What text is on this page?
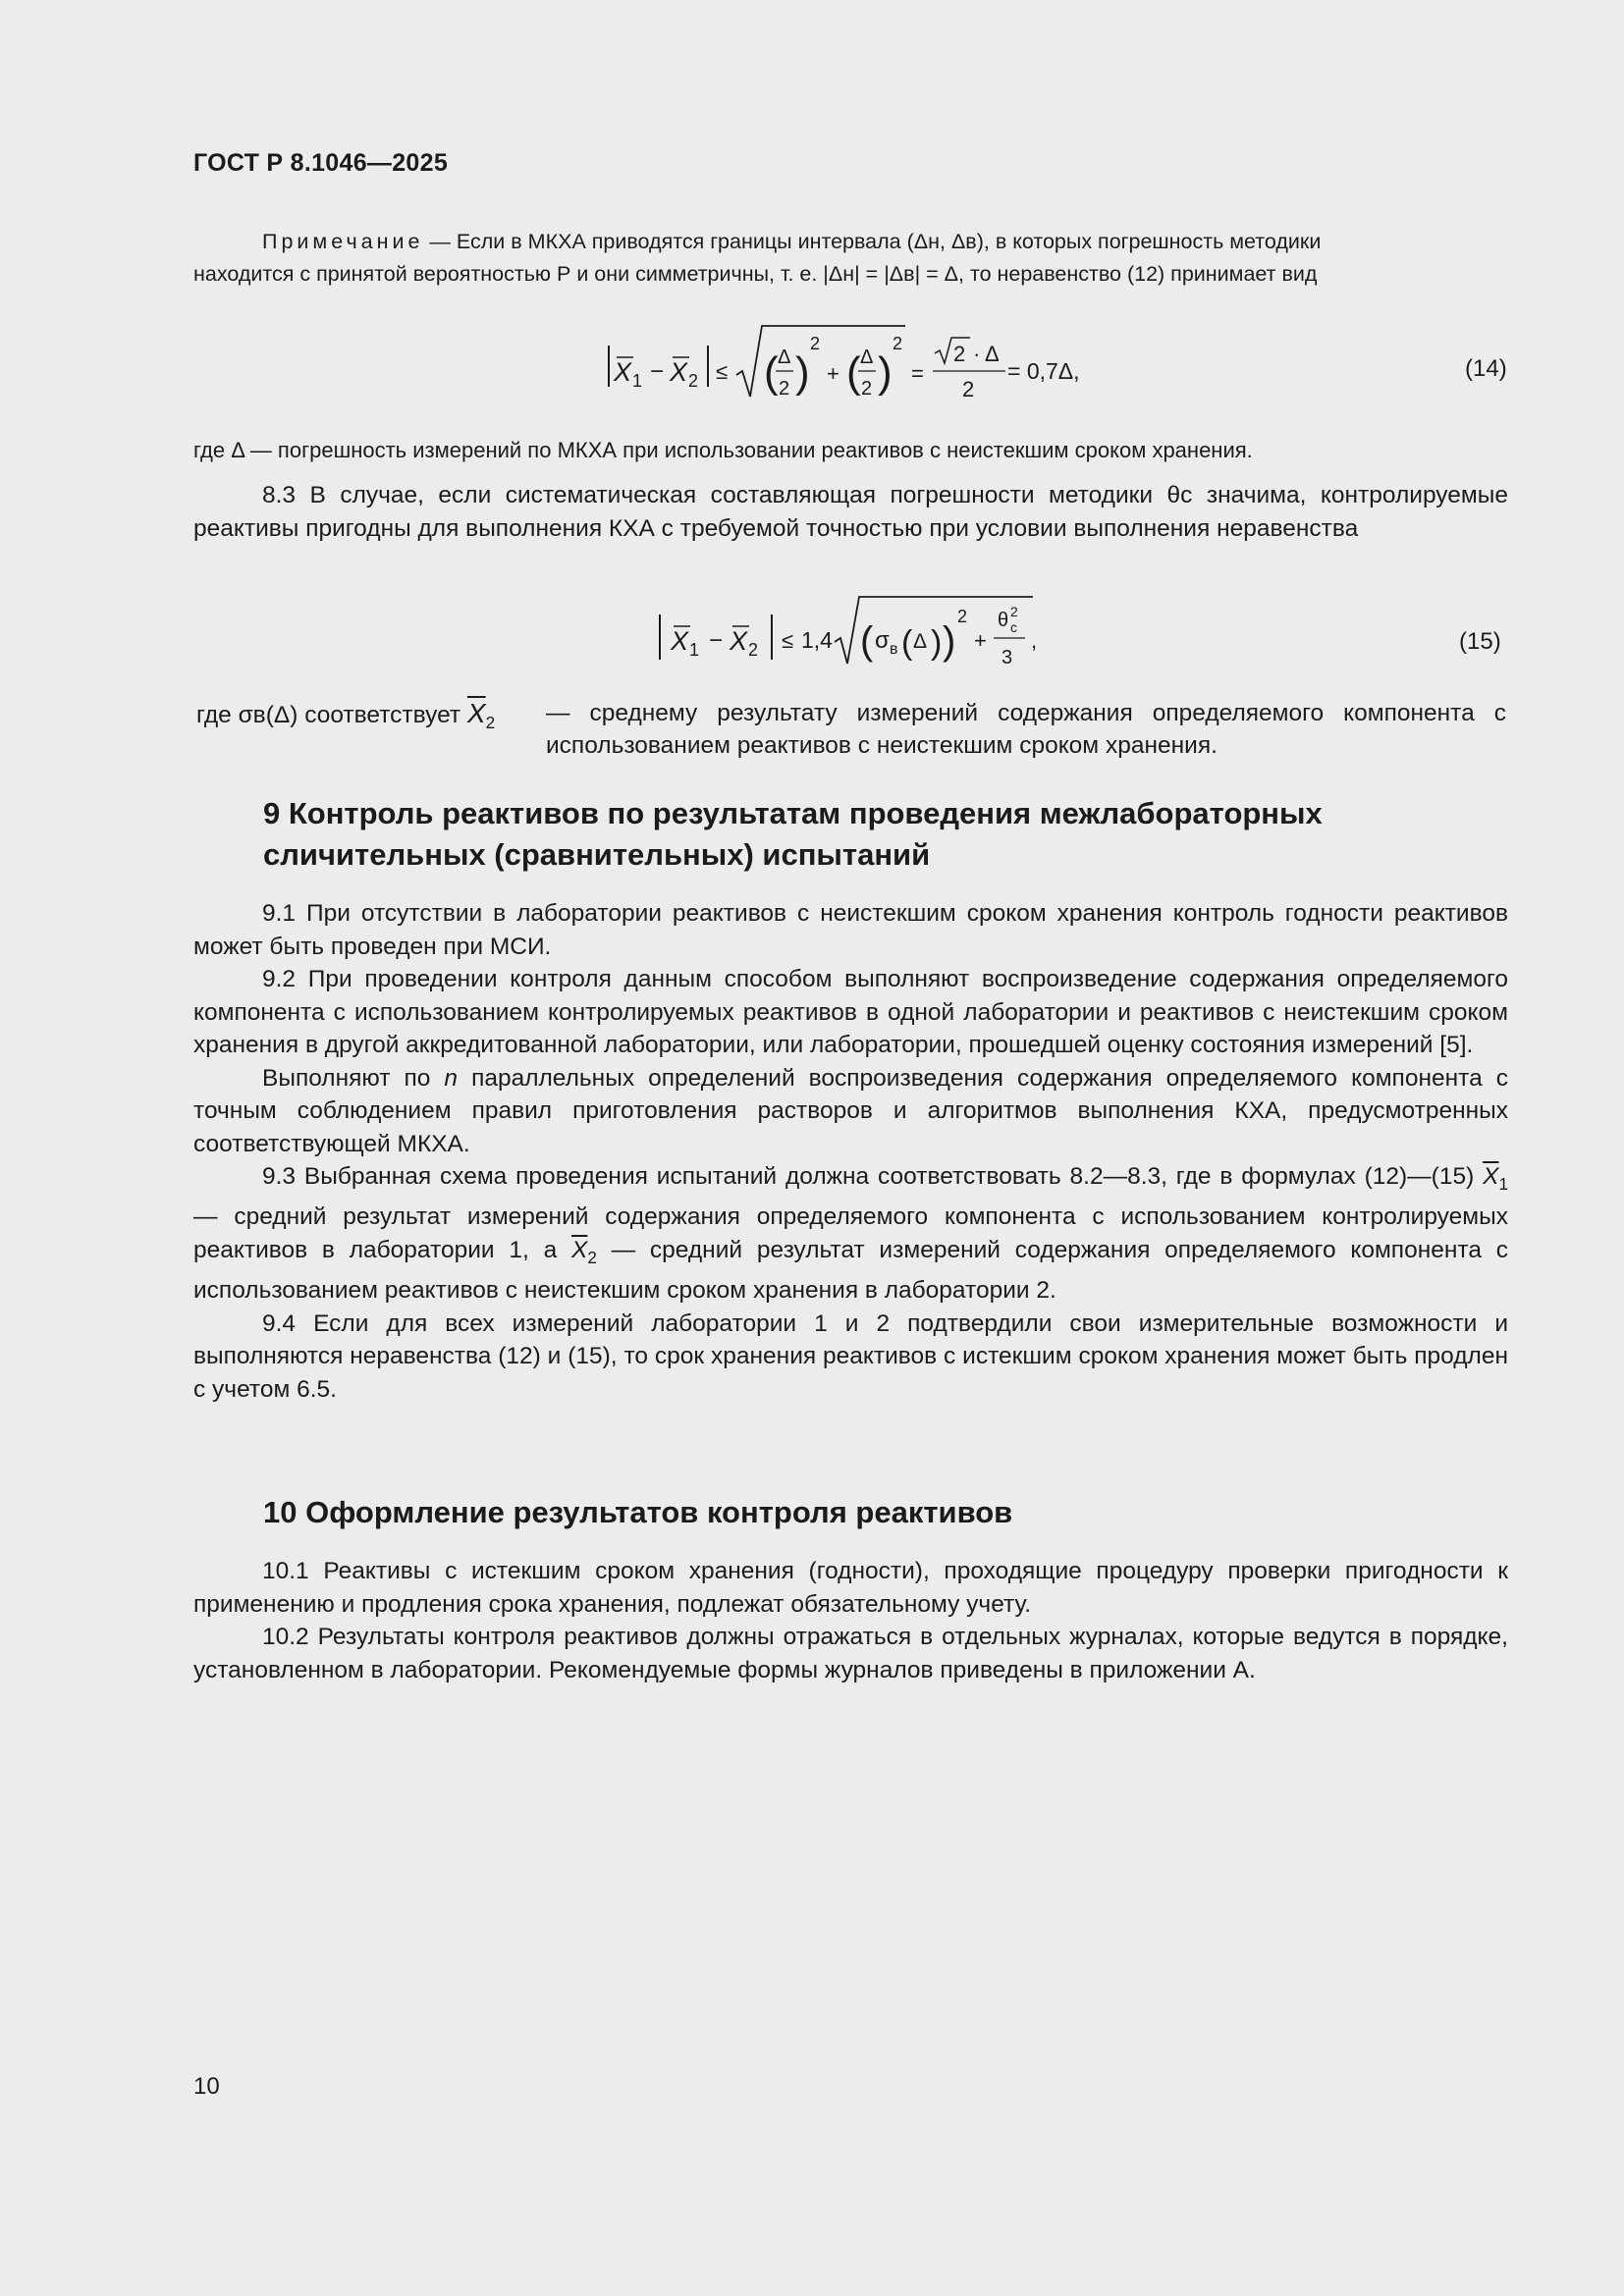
ГОСТ Р 8.1046—2025

Примечание — Если в МКХА приводятся границы интервала (Δн, Δв), в которых погрешность методики

находится с принятой вероятностью Р и они симметричны, т. е. |Δн| = |Δв| = Δ, то неравенство (12) принимает вид

X 1 − X 2 ≤ ( Δ
2 )
2
+ ( Δ
2 )
2
=
2 · Δ
2
= 0,7Δ,	(14)
где Δ — погрешность измерений по МКХА при использовании реактивов с неистекшим сроком хранения.

8.3 В случае, если систематическая составляющая погрешности методики θс значима, контролируемые реактивы пригодны для выполнения КХА с требуемой точностью при условии выполнения неравенства

X 1 − X 2 ≤ 1,4 ( σ в ( Δ ) )
2
+
θ с
2
3
,	(15)
где σв(Δ) соответствует $\overline{X}_2$ — среднему результату измерений содержания определяемого компонента с использованием реактивов с неистекшим сроком хранения.
9 Контроль реактивов по результатам проведения межлабораторных сличительных (сравнительных) испытаний

9.1 При отсутствии в лаборатории реактивов с неистекшим сроком хранения контроль годности реактивов может быть проведен при МСИ.

9.2 При проведении контроля данным способом выполняют воспроизведение содержания определяемого компонента с использованием контролируемых реактивов в одной лаборатории и реактивов с неистекшим сроком хранения в другой аккредитованной лаборатории, или лаборатории, прошедшей оценку состояния измерений [5].

Выполняют по n параллельных определений воспроизведения содержания определяемого компонента с точным соблюдением правил приготовления растворов и алгоритмов выполнения КХА, предусмотренных соответствующей МКХА.

9.3 Выбранная схема проведения испытаний должна соответствовать 8.2—8.3, где в формулах (12)—(15) $\overline{X}_1$ — средний результат измерений содержания определяемого компонента с использованием контролируемых реактивов в лаборатории 1, а $\overline{X}_2$ — средний результат измерений содержания определяемого компонента с использованием реактивов с неистекшим сроком хранения в лаборатории 2.

9.4 Если для всех измерений лаборатории 1 и 2 подтвердили свои измерительные возможности и выполняются неравенства (12) и (15), то срок хранения реактивов с истекшим сроком хранения может быть продлен с учетом 6.5.

10 Оформление результатов контроля реактивов

10.1 Реактивы с истекшим сроком хранения (годности), проходящие процедуру проверки пригодности к применению и продления срока хранения, подлежат обязательному учету.

10.2 Результаты контроля реактивов должны отражаться в отдельных журналах, которые ведутся в порядке, установленном в лаборатории. Рекомендуемые формы журналов приведены в приложении А.

10
